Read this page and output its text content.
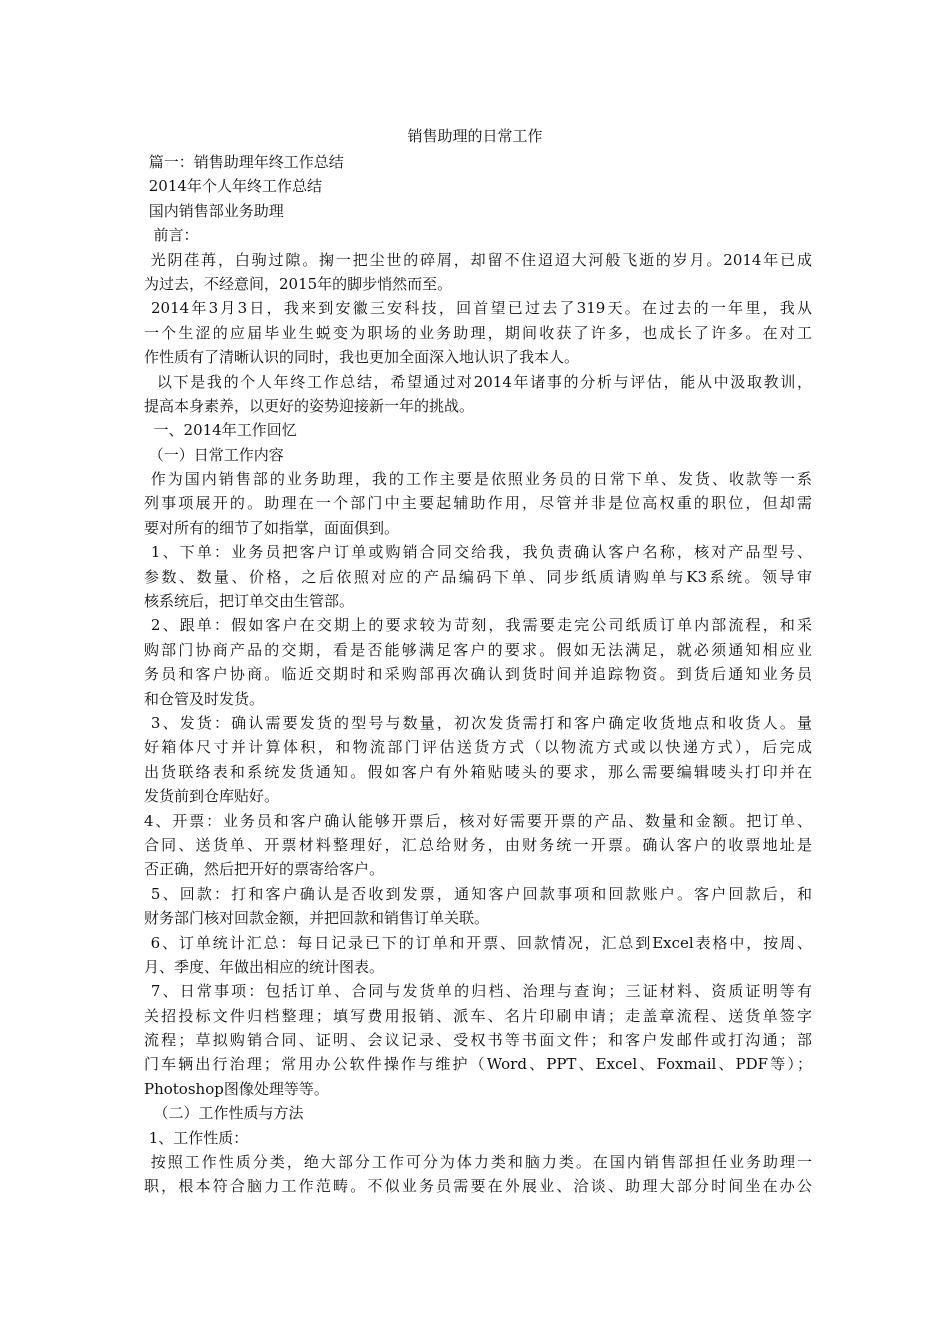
销售助理的日常工作
篇一：销售助理年终工作总结
2014年个人年终工作总结
国内销售部业务助理
前言：
光阴荏苒，白驹过隙。掬一把尘世的碎屑，却留不住迢迢大河般飞逝的岁月。2014年已成
为过去，不经意间，2015年的脚步悄然而至。
2014年3月3日，我来到安徽三安科技，回首望已过去了319天。在过去的一年里，我从
一个生涩的应届毕业生蜕变为职场的业务助理，期间收获了许多，也成长了许多。在对工
作性质有了清晰认识的同时，我也更加全面深入地认识了我本人。
以下是我的个人年终工作总结，希望通过对2014年诸事的分析与评估，能从中汲取教训，
提高本身素养，以更好的姿势迎接新一年的挑战。
一、2014年工作回忆
（一）日常工作内容
作为国内销售部的业务助理，我的工作主要是依照业务员的日常下单、发货、收款等一系
列事项展开的。助理在一个部门中主要起辅助作用，尽管并非是位高权重的职位，但却需
要对所有的细节了如指掌，面面俱到。
1、下单：业务员把客户订单或购销合同交给我，我负责确认客户名称，核对产品型号、
参数、数量、价格，之后依照对应的产品编码下单、同步纸质请购单与K3系统。领导审
核系统后，把订单交由生管部。
2、跟单：假如客户在交期上的要求较为苛刻，我需要走完公司纸质订单内部流程，和采
购部门协商产品的交期，看是否能够满足客户的要求。假如无法满足，就必须通知相应业
务员和客户协商。临近交期时和采购部再次确认到货时间并追踪物资。到货后通知业务员
和仓管及时发货。
3、发货：确认需要发货的型号与数量，初次发货需打和客户确定收货地点和收货人。量
好箱体尺寸并计算体积，和物流部门评估送货方式（以物流方式或以快递方式），后完成
出货联络表和系统发货通知。假如客户有外箱贴唛头的要求，那么需要编辑唛头打印并在
发货前到仓库贴好。
4、开票：业务员和客户确认能够开票后，核对好需要开票的产品、数量和金额。把订单、
合同、送货单、开票材料整理好，汇总给财务，由财务统一开票。确认客户的收票地址是
否正确，然后把开好的票寄给客户。
5、回款：打和客户确认是否收到发票，通知客户回款事项和回款账户。客户回款后，和
财务部门核对回款金额，并把回款和销售订单关联。
6、订单统计汇总：每日记录已下的订单和开票、回款情况，汇总到Excel表格中，按周、
月、季度、年做出相应的统计图表。
7、日常事项：包括订单、合同与发货单的归档、治理与查询；三证材料、资质证明等有
关招投标文件归档整理；填写费用报销、派车、名片印刷申请；走盖章流程、送货单签字
流程；草拟购销合同、证明、会议记录、受权书等书面文件；和客户发邮件或打沟通；部
门车辆出行治理；常用办公软件操作与维护（Word、PPT、Excel、Foxmail、PDF等）；
Photoshop图像处理等等。
（二）工作性质与方法
1、工作性质：
按照工作性质分类，绝大部分工作可分为体力类和脑力类。在国内销售部担任业务助理一
职，根本符合脑力工作范畴。不似业务员需要在外展业、洽谈、助理大部分时间坐在办公
